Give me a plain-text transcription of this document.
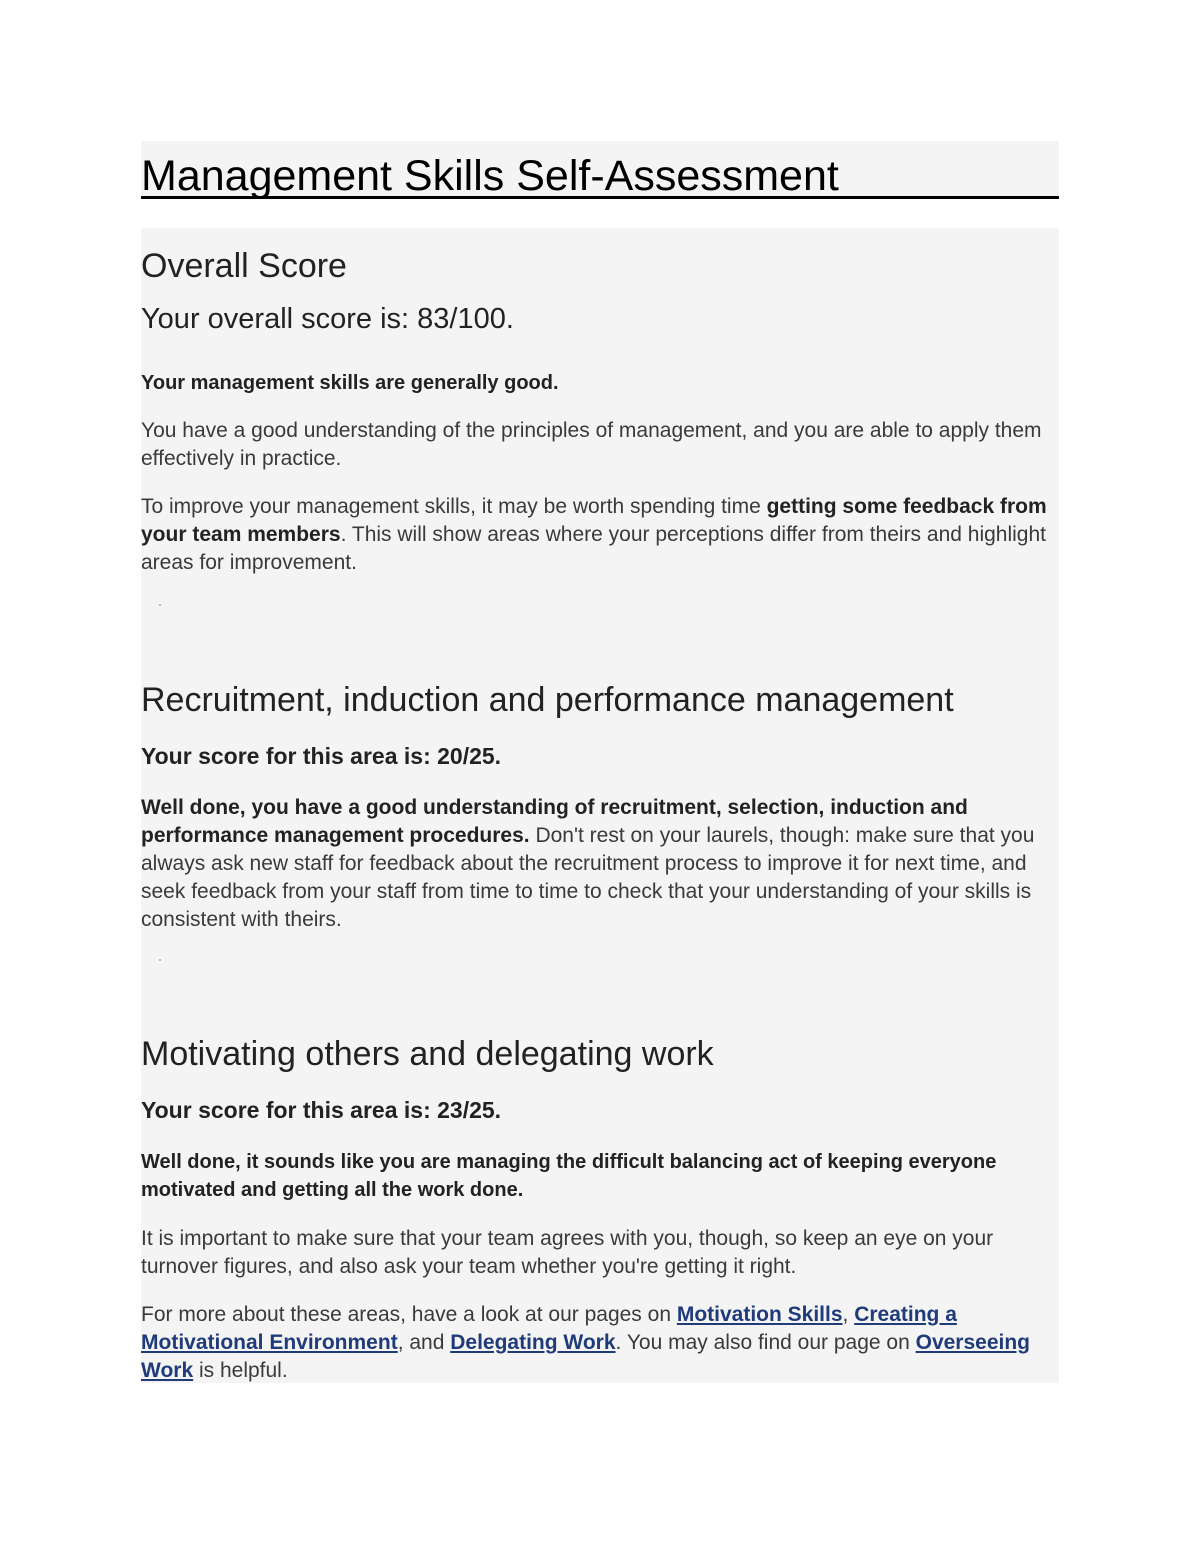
Management Skills Self-Assessment
Overall Score
Your overall score is: 83/100.
Your management skills are generally good.
You have a good understanding of the principles of management, and you are able to apply them effectively in practice.
To improve your management skills, it may be worth spending time getting some feedback from your team members. This will show areas where your perceptions differ from theirs and highlight areas for improvement.
Recruitment, induction and performance management
Your score for this area is: 20/25.
Well done, you have a good understanding of recruitment, selection, induction and performance management procedures. Don't rest on your laurels, though: make sure that you always ask new staff for feedback about the recruitment process to improve it for next time, and seek feedback from your staff from time to time to check that your understanding of your skills is consistent with theirs.
Motivating others and delegating work
Your score for this area is: 23/25.
Well done, it sounds like you are managing the difficult balancing act of keeping everyone motivated and getting all the work done.
It is important to make sure that your team agrees with you, though, so keep an eye on your turnover figures, and also ask your team whether you're getting it right.
For more about these areas, have a look at our pages on Motivation Skills, Creating a Motivational Environment, and Delegating Work. You may also find our page on Overseeing Work is helpful.
